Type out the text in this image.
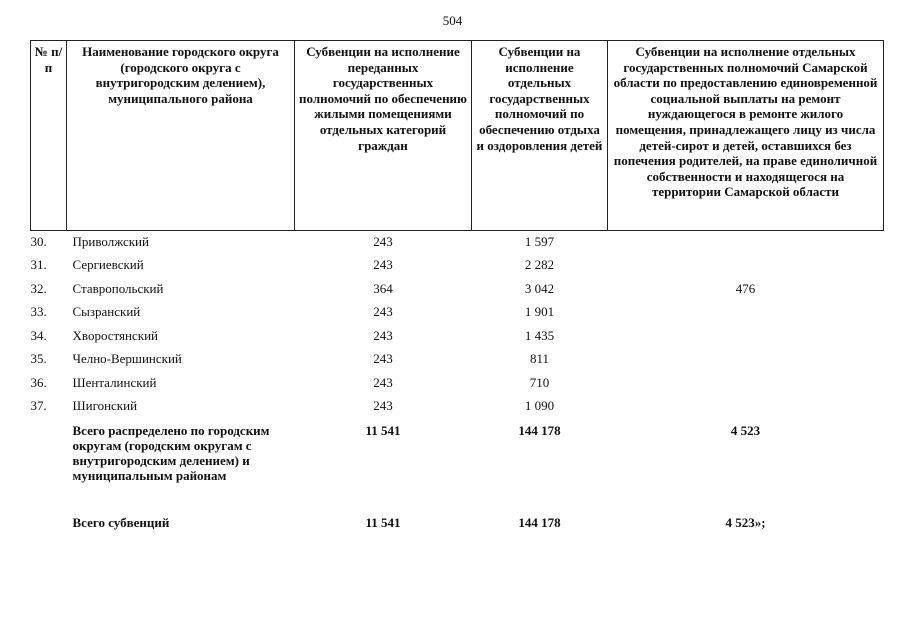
504
№ п/п	Наименование городского округа (городского округа с внутригородским делением), муниципального района	Субвенции на исполнение переданных государственных полномочий по обеспечению жилыми помещениями отдельных категорий граждан	Субвенции на исполнение отдельных государственных полномочий по обеспечению отдыха и оздоровления детей	Субвенции на исполнение отдельных государственных полномочий Самарской области по предоставлению единовременной социальной выплаты на ремонт нуждающегося в ремонте жилого помещения, принадлежащего лицу из числа детей-сирот и детей, оставшихся без попечения родителей, на праве единоличной собственности и находящегося на территории Самарской области
30.	Приволжский	243	1 597	
31.	Сергиевский	243	2 282	
32.	Ставропольский	364	3 042	476
33.	Сызранский	243	1 901	
34.	Хворостянский	243	1 435	
35.	Челно-Вершинский	243	811	
36.	Шенталинский	243	710	
37.	Шигонский	243	1 090	
	Всего распределено по городским округам (городским округам с внутригородским делением) и муниципальным районам	11 541	144 178	4 523
	Всего субвенций	11 541	144 178	4 523»;
